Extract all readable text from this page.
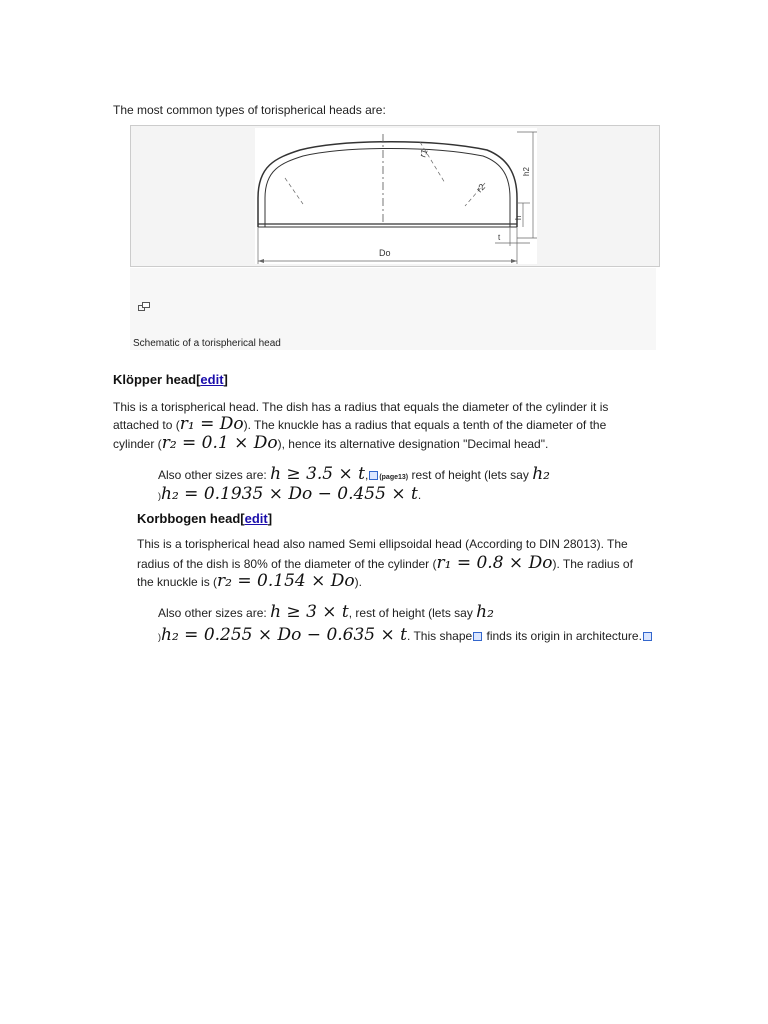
The most common types of torispherical heads are:
r1
r2
h2
h
t
Do
Schematic of a torispherical head
Klöpper head[edit]
This is a torispherical head. The dish has a radius that equals the diameter of the cylinder it is
attached to (r₁ = Do). The knuckle has a radius that equals a tenth of the diameter of the
cylinder (r₂ = 0.1 × Do), hence its alternative designation "Decimal head".
Also other sizes are: h ≥ 3.5 × t, (page13) rest of height (lets say h₂
)h₂ = 0.1935 × Do − 0.455 × t.
Korbbogen head[edit]
This is a torispherical head also named Semi ellipsoidal head (According to DIN 28013). The
radius of the dish is 80% of the diameter of the cylinder (r₁ = 0.8 × Do). The radius of
the knuckle is (r₂ = 0.154 × Do).
Also other sizes are: h ≥ 3 × t, rest of height (lets say h₂
)h₂ = 0.255 × Do − 0.635 × t. This shape finds its origin in architecture.
